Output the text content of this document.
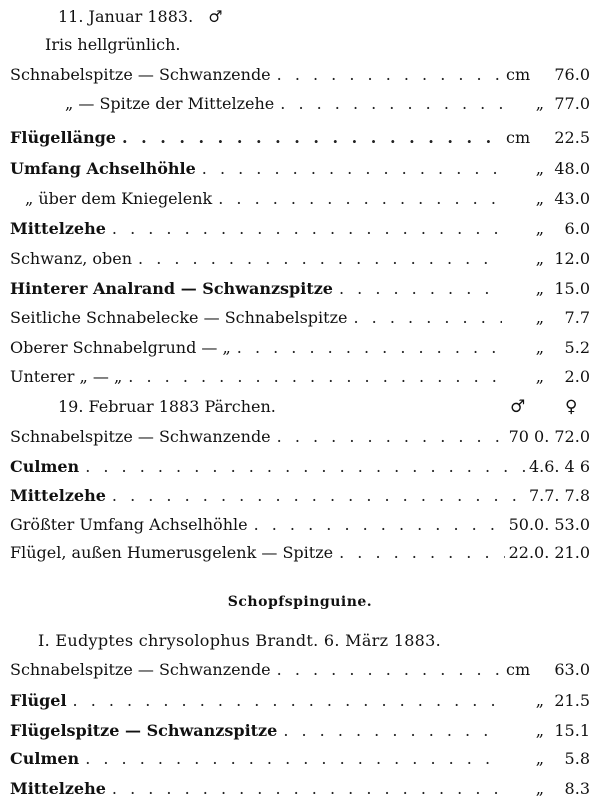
11. Januar 1883. ♂
Iris hellgrünlich.
Schnabelspitze — Schwanzende . . .	cm	76.0
„ — Spitze der Mittelzehe . . .	„ 77.0
Flügellänge . . .	cm	22.5
Umfang Achselhöhle . . .	„ 48.0
„ über dem Kniegelenk . . .	„ 43.0
Mittelzehe . . .	„	6.0
Schwanz, oben . . .	„ 12.0
Hinterer Analrand — Schwanzspitze . . .	„ 15.0
Seitliche Schnabelecke — Schnabelspitze . . .	„	7.7
Oberer Schnabelgrund — „ . . .	„	5.2
Unterer „ — „ . . .	„	2.0
19. Februar 1883 Pärchen.	♂ ♀
Schnabelspitze — Schwanzende . . .	70 0. 72.0
Culmen . . .	4.6. 4 6
Mittelzehe . . .	7.7. 7.8
Größter Umfang Achselhöhle . . .	50.0. 53.0
Flügel, außen Humerusgelenk — Spitze . . .	22.0. 21.0
Schopfspinguine.
I. Eudyptes chrysolophus Brandt. 6. März 1883.
Schnabelspitze — Schwanzende . . .	cm	63.0
Flügel . . .	„ 21.5
Flügelspitze — Schwanzspitze . . .	„ 15.1
Culmen . . .	„	5.8
Mittelzehe . . .	„	8.3
